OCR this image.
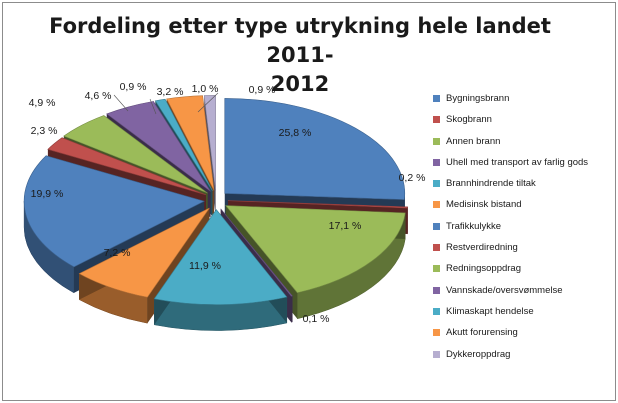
Fordeling etter type utrykning hele landet 2011-
2012
25,8 %
0,2 %
17,1 %
0,1 %
11,9 %
7,2 %
19,9 %
2,3 %
4,9 %
4,6 %
0,9 % 3,2 % 1,0 %	0,9 %
Bygningsbrann
Skogbrann
Annen brann
Uhell med transport av farlig gods
Brannhindrende tiltak
Medisinsk bistand
Trafikkulykke
Restverdiredning
Redningsoppdrag
Vannskade/oversvømmelse
Klimaskapt hendelse
Akutt forurensing
Dykkeroppdrag
